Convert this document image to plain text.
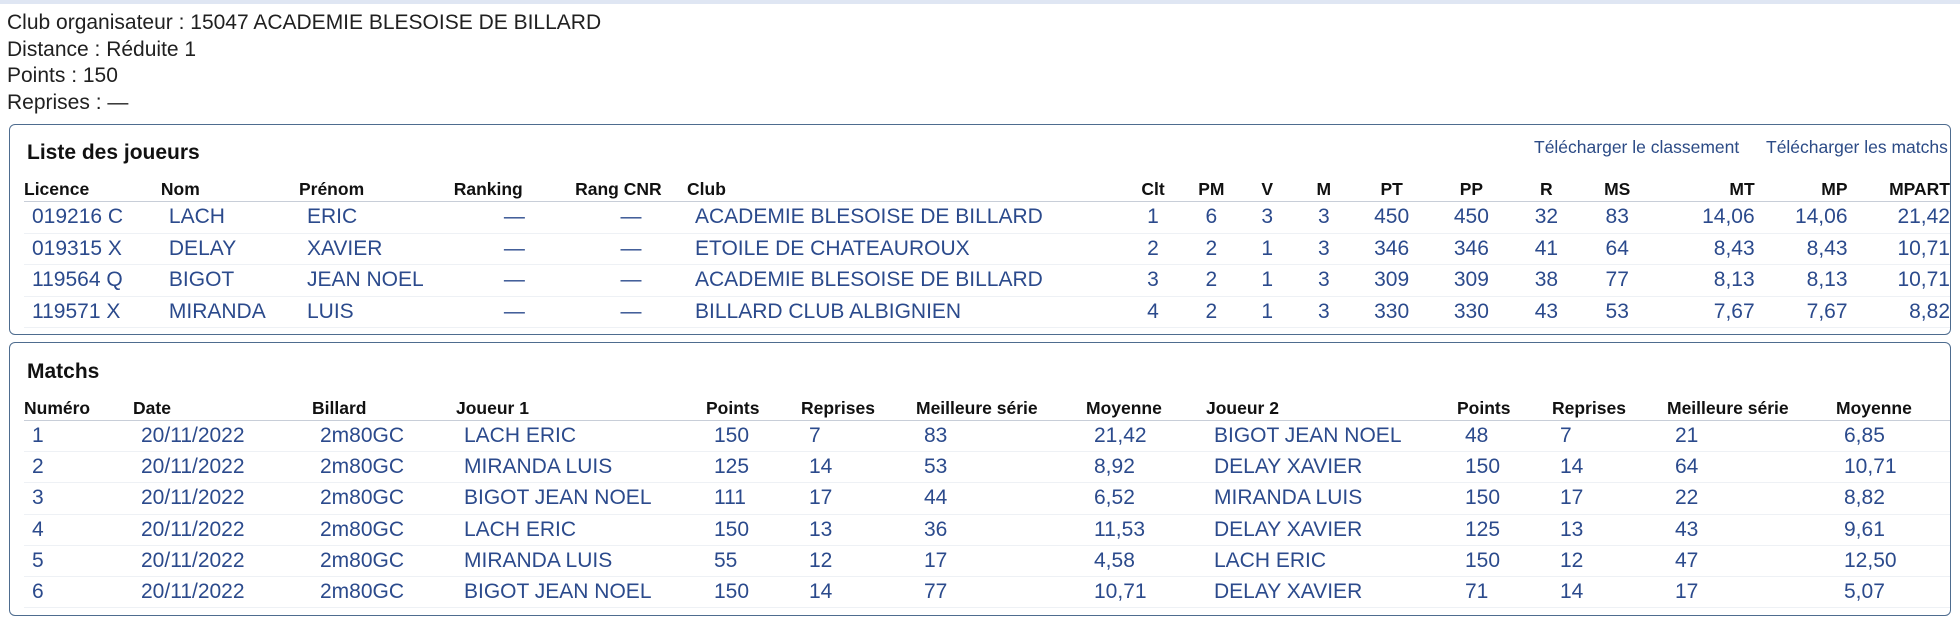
Club organisateur : 15047 ACADEMIE BLESOISE DE BILLARD
Distance : Réduite 1
Points : 150
Reprises : —
Liste des joueurs	Télécharger le classement Télécharger les matchs
Licence	Nom	Prénom	Ranking	Rang CNR	Club	Clt	PM	V	M	PT	PP	R	MS	MT	MP	MPART
019216 C	LACH	ERIC	—	—	ACADEMIE BLESOISE DE BILLARD	1	6	3	3	450	450	32	83	14,06	14,06	21,42
019315 X	DELAY	XAVIER	—	—	ETOILE DE CHATEAUROUX	2	2	1	3	346	346	41	64	8,43	8,43	10,71
119564 Q	BIGOT	JEAN NOEL	—	—	ACADEMIE BLESOISE DE BILLARD	3	2	1	3	309	309	38	77	8,13	8,13	10,71
119571 X	MIRANDA	LUIS	—	—	BILLARD CLUB ALBIGNIEN	4	2	1	3	330	330	43	53	7,67	7,67	8,82
Matchs
Numéro	Date	Billard	Joueur 1	Points	Reprises	Meilleure série	Moyenne	Joueur 2	Points	Reprises	Meilleure série	Moyenne
1	20/11/2022	2m80GC	LACH ERIC	150	7	83	21,42	BIGOT JEAN NOEL	48	7	21	6,85
2	20/11/2022	2m80GC	MIRANDA LUIS	125	14	53	8,92	DELAY XAVIER	150	14	64	10,71
3	20/11/2022	2m80GC	BIGOT JEAN NOEL	111	17	44	6,52	MIRANDA LUIS	150	17	22	8,82
4	20/11/2022	2m80GC	LACH ERIC	150	13	36	11,53	DELAY XAVIER	125	13	43	9,61
5	20/11/2022	2m80GC	MIRANDA LUIS	55	12	17	4,58	LACH ERIC	150	12	47	12,50
6	20/11/2022	2m80GC	BIGOT JEAN NOEL	150	14	77	10,71	DELAY XAVIER	71	14	17	5,07
